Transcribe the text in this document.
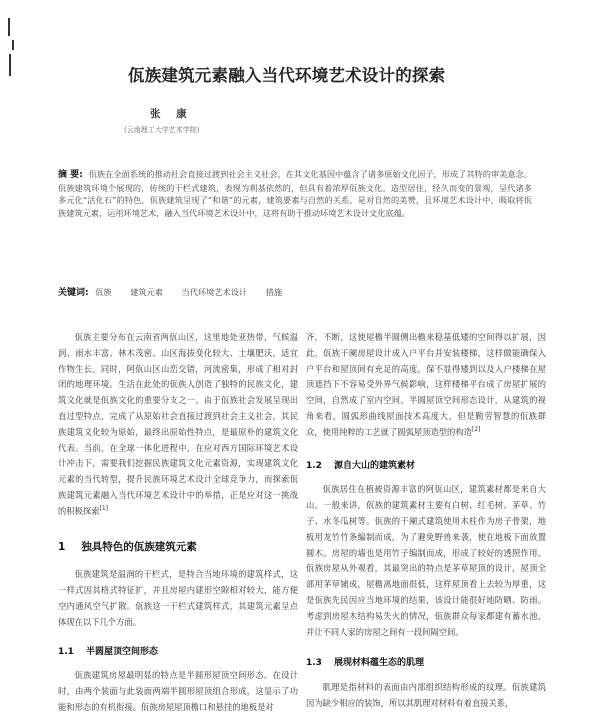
佤族建筑元素融入当代环境艺术设计的探索
张 康
(云南理工大学艺术学院)
摘 要: 佤族在全面系统的推动社会直接过渡到社会主义社会，在其文化基因中蕴含了诸多原始文化因子，形成了其特的审美意念。佤族建筑环境个展现的，传统的干栏式建筑，表现为利基依然的，但具有着浓厚佤族文化。造型居住，经久而变的景观，呈代诸多多元化“活化石”的特色，佤族建筑呈现了“和谐”的元素，建筑要素与自然的关系，是对自然的美赞，且环境艺术设计中，吸取将佤族建筑元素，运用环境艺术，融入当代环境艺术设计中，这将有助于推动环境艺术设计文化底蕴。
关键词: 佤族 建筑元素 当代环境艺术设计 措施

佤族主要分布在云南省两佤山区，这里地处亚热带，气候温润、雨水丰富、林木茂密、山区海拔变化较大、土壤肥沃，适宜作物生长。同时，阿佤山区山峦交错，河流密集，形成了相对封闭的地理环境。生活在此处的佤族人创造了独特的民族文化，建筑文化就是佤族文化的重要分支之一。由于佤族社会发展呈现出直过型特点，完成了从原始社会直接过渡到社会主义社会，其民族建筑文化较为原始，最终出原始性特点，是最原朴的建筑文化代表。当前，在全球一体化进程中，在应对西方国际环境艺术设计冲击下，需要我们挖掘民族建筑文化元素资源，实现建筑文化元素的当代转型，提升民族环境艺术设计全球竞争力，而探索佤族建筑元素融入当代环境艺术设计中的举措，正是应对这一挑战的积极探索[1]

1 独具特色的佤族建筑元素

佤族建筑是温润的干栏式，是特合当地环境的建筑样式，这一样式因其格式特征扩，并且房屋内建形空隙相对较大，能方便空内通风空气扩散。佤族这一干栏式建筑样式，其建筑元素呈点体现在以下几个方面。

1.1 半圆屋顶空间形态

佤族建筑房屋最明显的特点是半圆形屋顶空间形态。在设计时，由两个装面与此装面两端半圆形屋顶组合形成，这显示了功能和形态的有机衔接。佤族房屋屋顶檐口和悬挂的地板是对

齐，不断，这使屋檐半圆侧出檐来稳基低矮的空间得以扩展，因此，佤族干阑房屋设计成入户平台并安装楼梯，这样做能确保入户平台和屋顶间有充足的高度，保不显得矮到以及入户楼梯在屋顶遮挡下不容易受外界气候影响，这样楼梯平台成了房屋扩展的空间，自然成了室内空间。半圆屋顶空间形态设计，从建筑的视角来看，圆弧形曲线屋面技术高度大，但是勤劳智慧的佤族群众，使用纯粹的工艺就了圆弧屋顶造型的构造[2]

1.2 源自大山的建筑素材

佤族居住在植被资源丰富的阿佤山区，建筑素材都是来自大山。一般来讲，佤族的建筑素材主要有白树、红毛树、茅草、竹子、水冬瓜树等。佤族的干阑式建筑使用木柱作为房子骨架，地板用龙竹竹条编制而成，为了避免野兽来袭，使在地板下面放置圆木。房屋的墙也是用竹子编制而成，形成了较好的透照作用。佤族房屋从外观看，其最突出的特点是茅草屋顶的设计，屋顶全部用茅草铺成，屋檐离地面很低，这样屋顶看上去较为厚重，这是佤族先民因应当地环境的结果，该设计能很好地防晒、防雨。考虑到房屋木结构易失火的情况，佤族群众每家都建有蓄水池，并让不同人家的房屋之间有一段间隔空间。

1.3 展现材料蕴生态的肌理

肌理是指材料的表面由内部组织结构形成的纹理。佤族建筑因为缺少相应的装饰，所以其肌理对材料有着直接关系，
